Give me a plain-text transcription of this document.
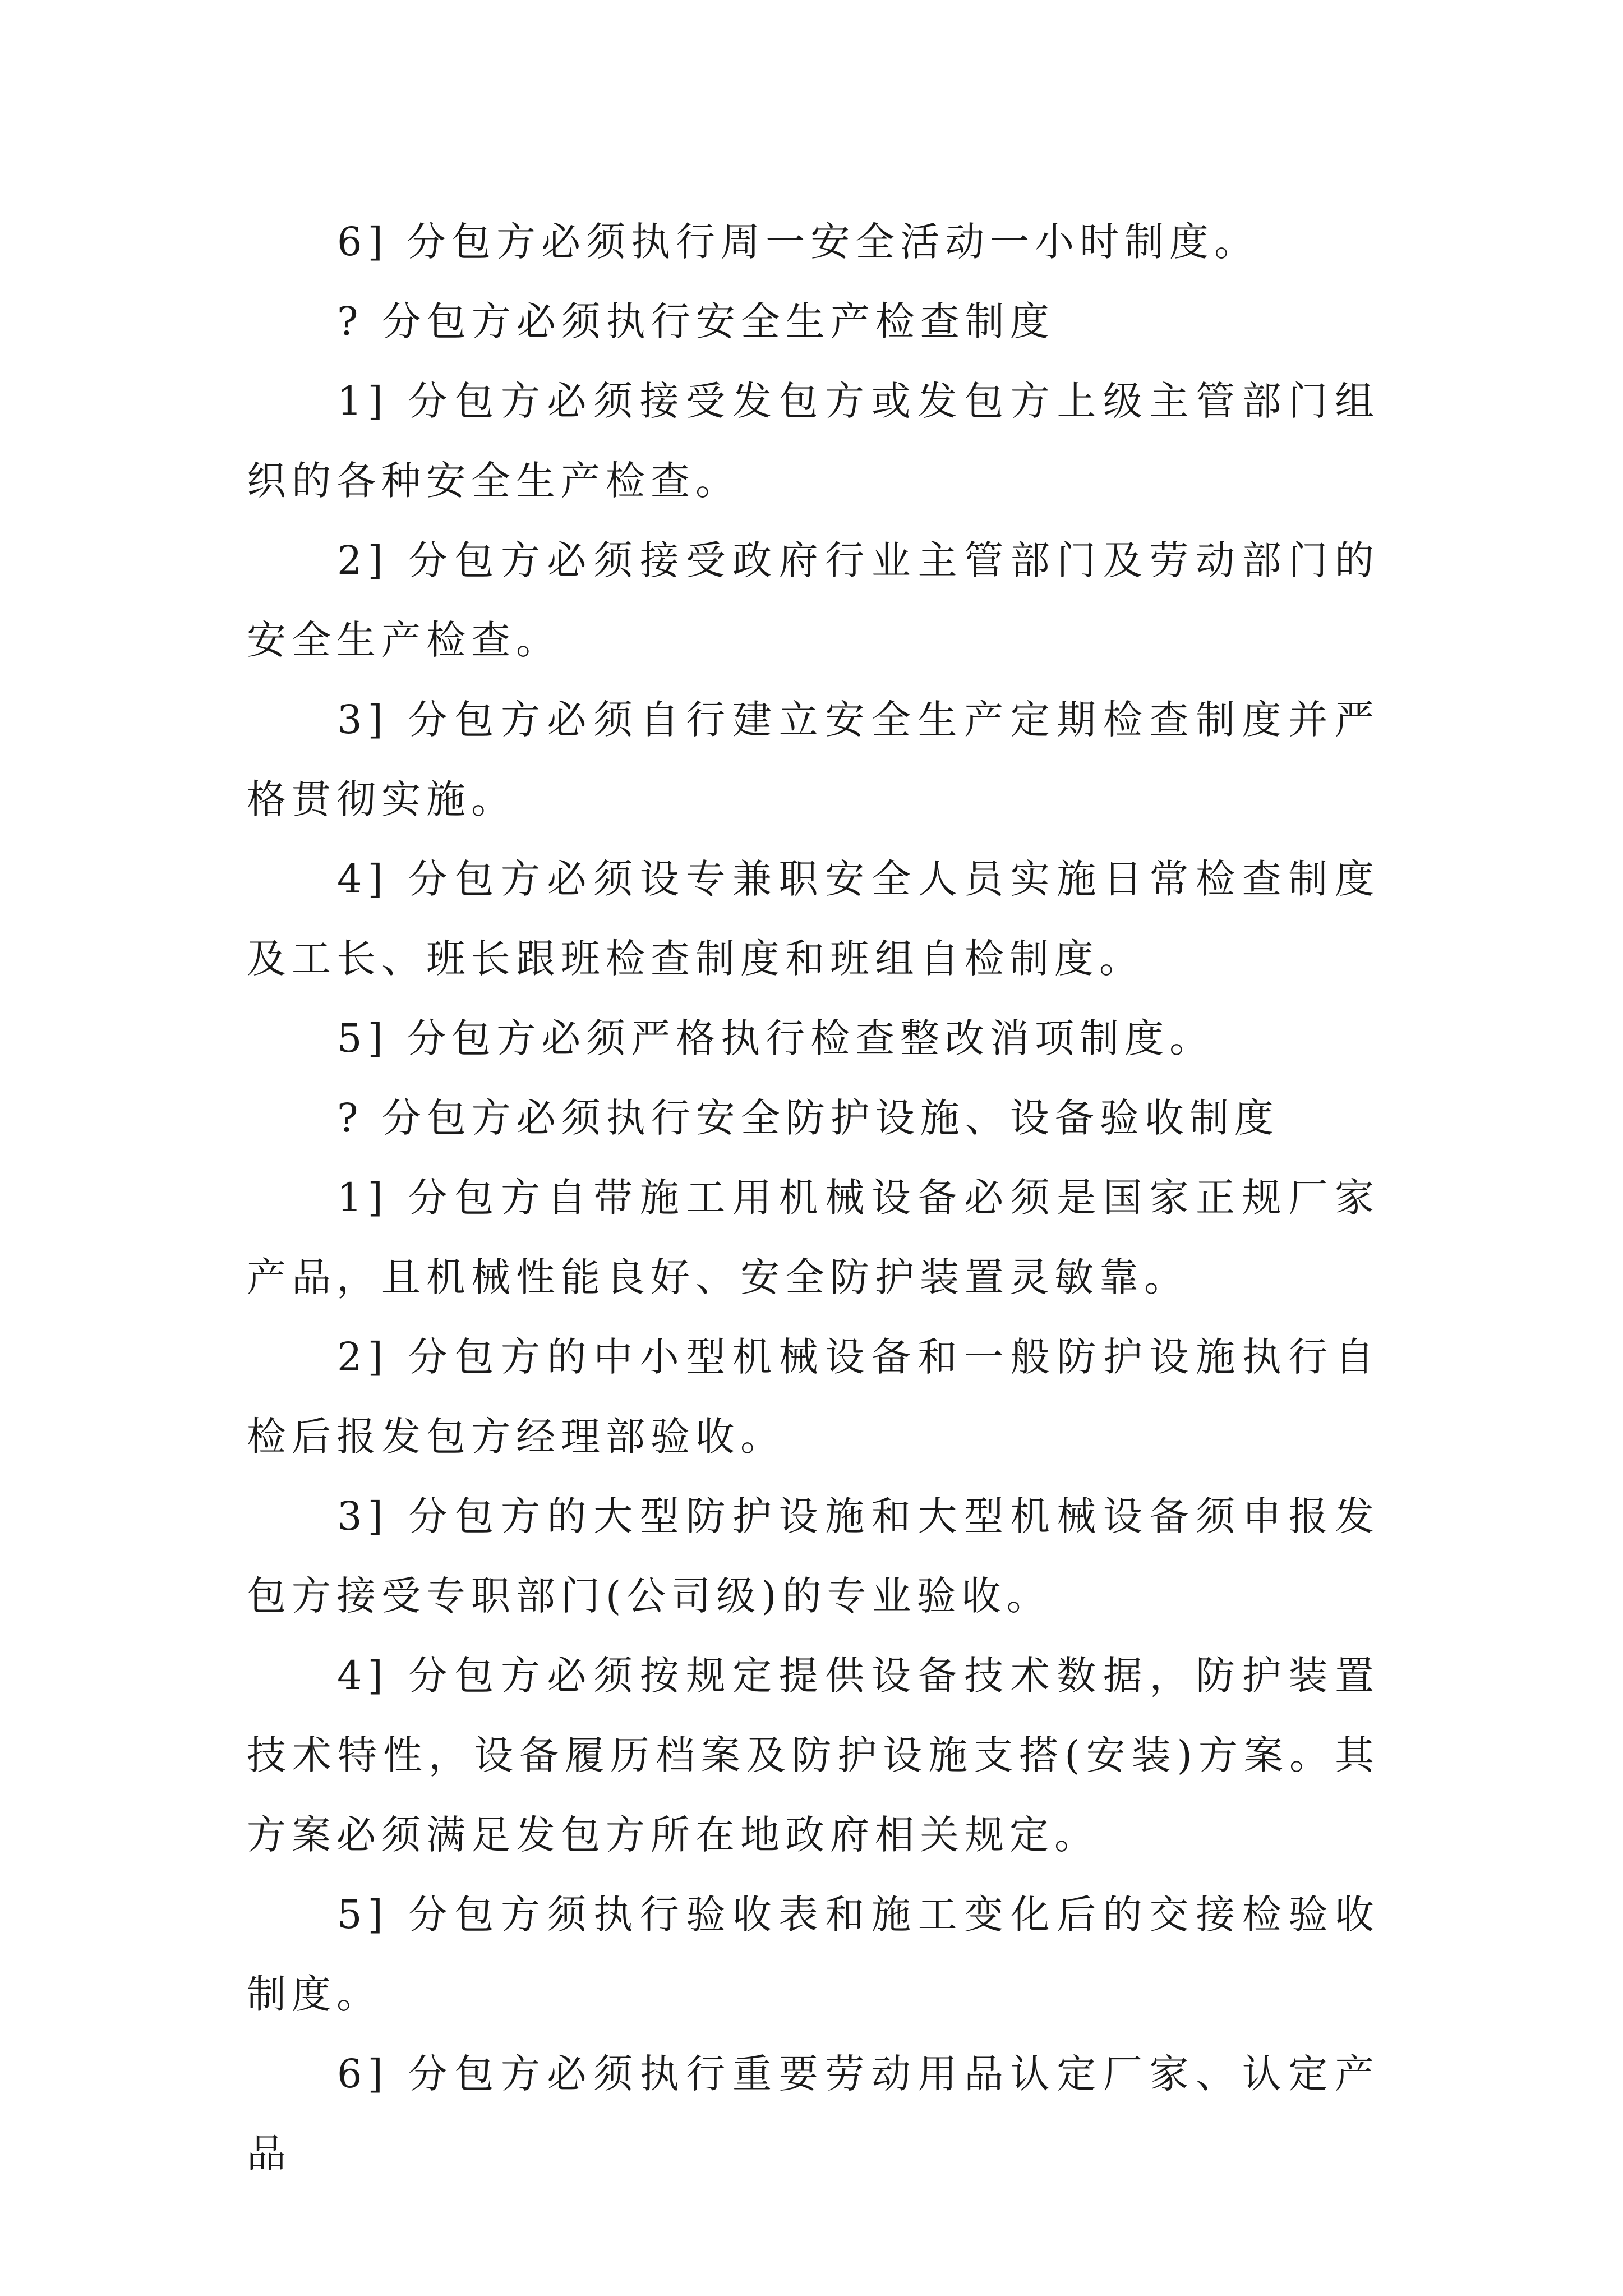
6] 分包方必须执行周一安全活动一小时制度。

? 分包方必须执行安全生产检查制度

1] 分包方必须接受发包方或发包方上级主管部门组织的各种安全生产检查。

2] 分包方必须接受政府行业主管部门及劳动部门的安全生产检查。

3] 分包方必须自行建立安全生产定期检查制度并严格贯彻实施。

4] 分包方必须设专兼职安全人员实施日常检查制度及工长、班长跟班检查制度和班组自检制度。

5] 分包方必须严格执行检查整改消项制度。

? 分包方必须执行安全防护设施、设备验收制度

1] 分包方自带施工用机械设备必须是国家正规厂家产品，且机械性能良好、安全防护装置灵敏靠。

2] 分包方的中小型机械设备和一般防护设施执行自检后报发包方经理部验收。

3] 分包方的大型防护设施和大型机械设备须申报发包方接受专职部门(公司级)的专业验收。

4] 分包方必须按规定提供设备技术数据，防护装置技术特性，设备履历档案及防护设施支搭(安装)方案。其方案必须满足发包方所在地政府相关规定。

5] 分包方须执行验收表和施工变化后的交接检验收制度。

6] 分包方必须执行重要劳动用品认定厂家、认定产品
